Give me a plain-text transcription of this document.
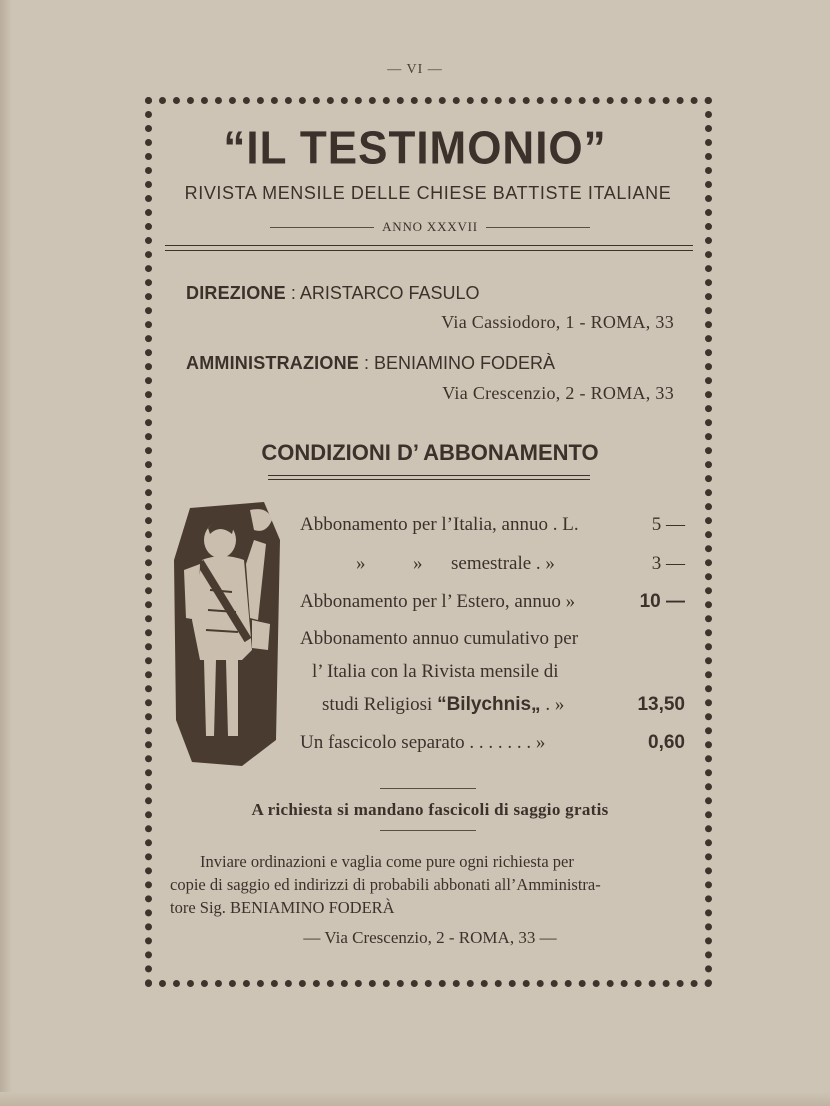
— VI —
“IL TESTIMONIO”
RIVISTA MENSILE DELLE CHIESE BATTISTE ITALIANE
ANNO XXXVII
DIREZIONE : ARISTARCO FASULO
Via Cassiodoro, 1 - ROMA, 33
AMMINISTRAZIONE : BENIAMINO FODERÀ
Via Crescenzio, 2 - ROMA, 33
CONDIZIONI D’ ABBONAMENTO
Abbonamento per l’Italia, annuo . L.	5 —
»          »      semestrale . »	3 —
Abbonamento per l’ Estero, annuo »	10 —
Abbonamento annuo cumulativo per
l’ Italia con la Rivista mensile di
studi Religiosi “Bilychnis„ . »	13,50
Un fascicolo separato . . . . . . . »	0,60
A richiesta si mandano fascicoli di saggio gratis
Inviare ordinazioni e vaglia come pure ogni richiesta per
copie di saggio ed indirizzi di probabili abbonati all’Amministra-
tore Sig. BENIAMINO FODERÀ
— Via Crescenzio, 2 - ROMA, 33 —
